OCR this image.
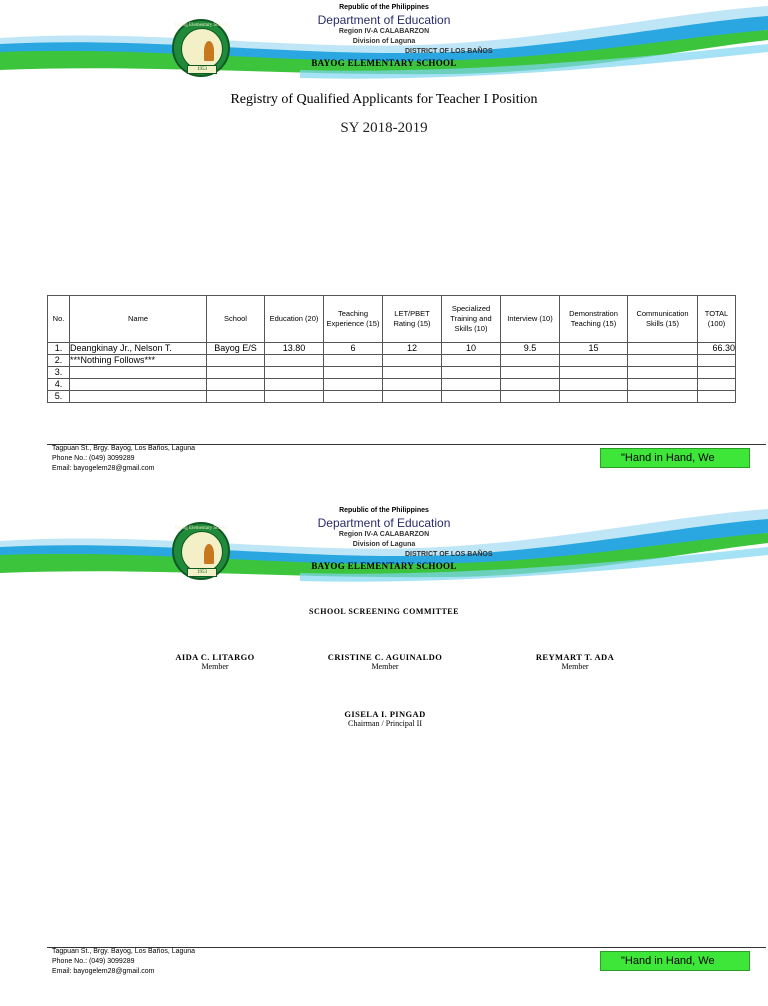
Bayog Elementary School
1953
Republic of the Philippines
Department of Education
Region IV-A CALABARZON
Division of Laguna
DISTRICT OF LOS BAÑOS
BAYOG ELEMENTARY SCHOOL
Registry of Qualified Applicants for Teacher I Position
SY 2018-2019
No.	Name	School	Education (20)	Teaching Experience (15)	LET/PBET Rating (15)	Specialized Training and Skills (10)	Interview (10)	Demonstration Teaching (15)	Communication Skills (15)	TOTAL (100)
1.	Deangkinay Jr., Nelson T.	Bayog E/S	13.80	6	12	10	9.5	15		66.30
2.	***Nothing Follows***									
3.										
4.										
5.										
Tagpuan St., Brgy. Bayog, Los Baños, Laguna
Phone No.: (049) 3099289
Email: bayogelem28@gmail.com
"Hand in Hand, We
Bayog Elementary School
1953
Republic of the Philippines
Department of Education
Region IV-A CALABARZON
Division of Laguna
DISTRICT OF LOS BAÑOS
BAYOG ELEMENTARY SCHOOL
Tagpuan St., Brgy. Bayog, Los Baños, Laguna
Phone No.: (049) 3099289
Email: bayogelem28@gmail.com
"Hand in Hand, We
SCHOOL SCREENING COMMITTEE
AIDA C. LITARGO
Member
CRISTINE C. AGUINALDO
Member
REYMART T. ADA
Member
GISELA I. PINGAD
Chairman / Principal II
